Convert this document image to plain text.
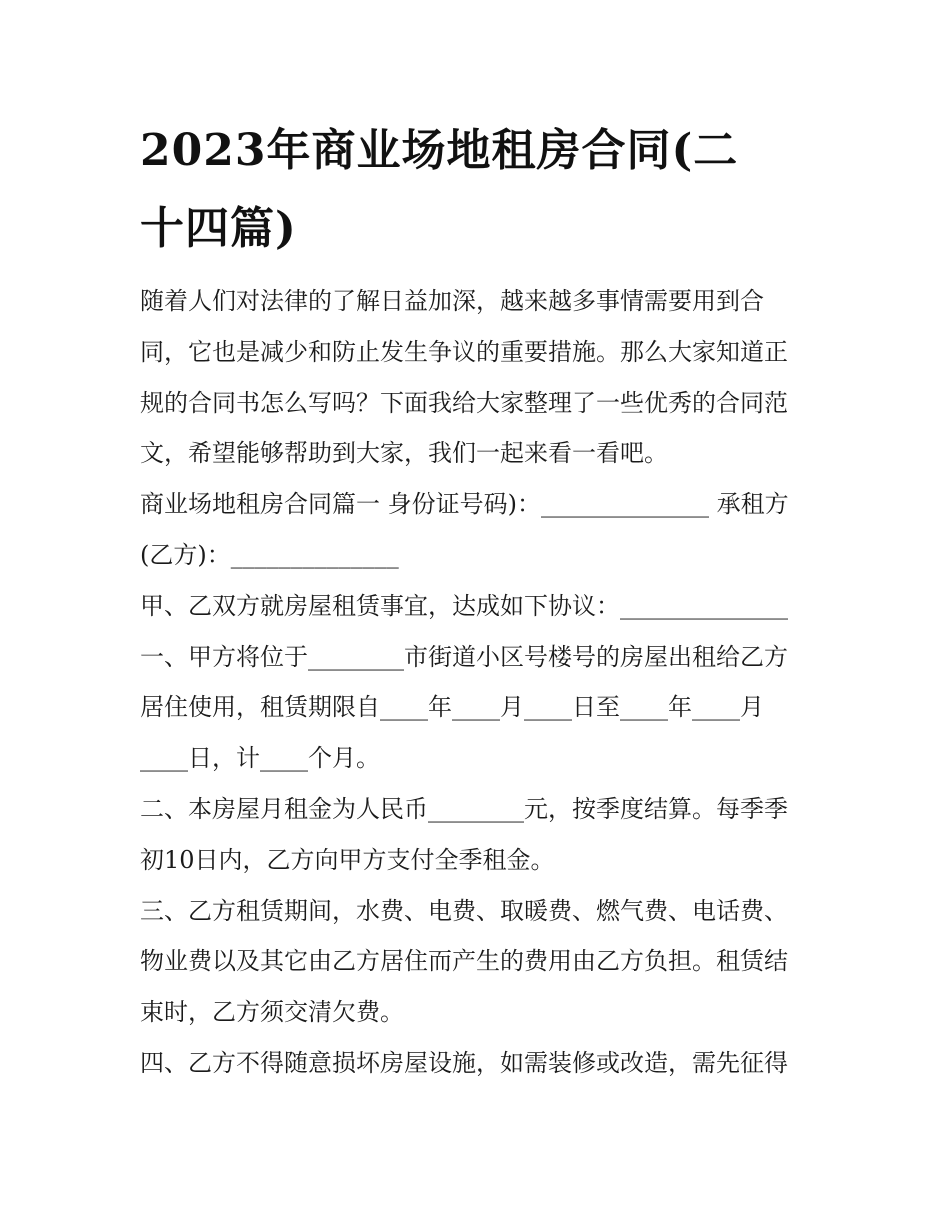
2023年商业场地租房合同(二
十四篇)
随着人们对法律的了解日益加深，越来越多事情需要用到合
同，它也是减少和防止发生争议的重要措施。那么大家知道正
规的合同书怎么写吗？下面我给大家整理了一些优秀的合同范
文，希望能够帮助到大家，我们一起来看一看吧。
商业场地租房合同篇一 身份证号码)：______________ 承租方
(乙方)：______________
甲、乙双方就房屋租赁事宜，达成如下协议：______________
一、甲方将位于________市街道小区号楼号的房屋出租给乙方
居住使用，租赁期限自____年____月____日至____年____月
____日，计____个月。
二、本房屋月租金为人民币________元，按季度结算。每季季
初10日内，乙方向甲方支付全季租金。
三、乙方租赁期间，水费、电费、取暖费、燃气费、电话费、
物业费以及其它由乙方居住而产生的费用由乙方负担。租赁结
束时，乙方须交清欠费。
四、乙方不得随意损坏房屋设施，如需装修或改造，需先征得
